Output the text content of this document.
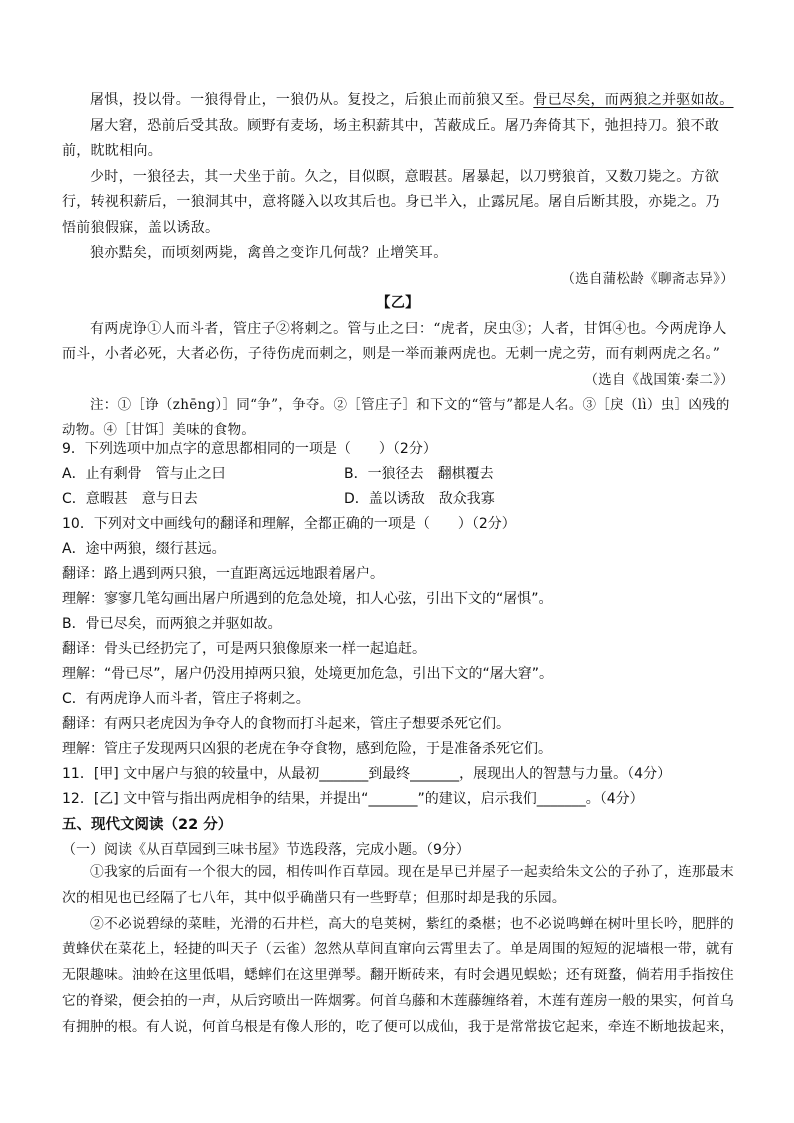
屠惧，投以骨。一狼得骨止，一狼仍从。复投之，后狼止而前狼又至。骨已尽矣，而两狼之并驱如故。

屠大窘，恐前后受其敌。顾野有麦场，场主积薪其中，苫蔽成丘。屠乃奔倚其下，弛担持刀。狼不敢前，眈眈相向。

少时，一狼径去，其一犬坐于前。久之，目似瞑，意暇甚。屠暴起，以刀劈狼首，又数刀毙之。方欲行，转视积薪后，一狼洞其中，意将隧入以攻其后也。身已半入，止露尻尾。屠自后断其股，亦毙之。乃悟前狼假寐，盖以诱敌。

狼亦黠矣，而顷刻两毙，禽兽之变诈几何哉？止增笑耳。

（选自蒲松龄《聊斋志异》）

【乙】

有两虎诤①人而斗者，管庄子②将刺之。管与止之曰：“虎者，戾虫③；人者，甘饵④也。今两虎诤人而斗，小者必死，大者必伤，子待伤虎而刺之，则是一举而兼两虎也。无刺一虎之劳，而有刺两虎之名。”

（选自《战国策·秦二》）

注：①［诤（zhēng）］同“争”，争夺。②［管庄子］和下文的“管与”都是人名。③［戾（lì）虫］凶残的动物。④［甘饵］美味的食物。

9．下列选项中加点字的意思都相同的一项是（　　）（2分）

A．止有剩骨　管与止之曰	B．一狼径去　翻棋覆去
C．意暇甚　意与日去	D．盖以诱敌　敌众我寡

10．下列对文中画线句的翻译和理解，全都正确的一项是（　　）（2分）

A．途中两狼，缀行甚远。

翻译：路上遇到两只狼，一直距离远远地跟着屠户。

理解：寥寥几笔勾画出屠户所遇到的危急处境，扣人心弦，引出下文的“屠惧”。

B．骨已尽矣，而两狼之并驱如故。

翻译：骨头已经扔完了，可是两只狼像原来一样一起追赶。

理解：“骨已尽”，屠户仍没用掉两只狼，处境更加危急，引出下文的“屠大窘”。

C．有两虎诤人而斗者，管庄子将刺之。

翻译：有两只老虎因为争夺人的食物而打斗起来，管庄子想要杀死它们。

理解：管庄子发现两只凶狠的老虎在争夺食物，感到危险，于是准备杀死它们。

11．[甲] 文中屠户与狼的较量中，从最初_______到最终_______，展现出人的智慧与力量。（4分）

12．[乙] 文中管与指出两虎相争的结果，并提出“_______”的建议，启示我们_______。（4分）

五、现代文阅读（22 分）

（一）阅读《从百草园到三味书屋》节选段落，完成小题。（9分）

①我家的后面有一个很大的园，相传叫作百草园。现在是早已并屋子一起卖给朱文公的子孙了，连那最末次的相见也已经隔了七八年，其中似乎确凿只有一些野草；但那时却是我的乐园。

②不必说碧绿的菜畦，光滑的石井栏，高大的皂荚树，紫红的桑椹；也不必说鸣蝉在树叶里长吟，肥胖的黄蜂伏在菜花上，轻捷的叫天子（云雀）忽然从草间直窜向云霄里去了。单是周围的短短的泥墙根一带，就有无限趣味。油蛉在这里低唱，蟋蟀们在这里弹琴。翻开断砖来，有时会遇见蜈蚣；还有斑蝥，倘若用手指按住它的脊梁，便会拍的一声，从后窍喷出一阵烟雾。何首乌藤和木莲藤缠络着，木莲有莲房一般的果实，何首乌有拥肿的根。有人说，何首乌根是有像人形的，吃了便可以成仙，我于是常常拔它起来，牵连不断地拔起来，
